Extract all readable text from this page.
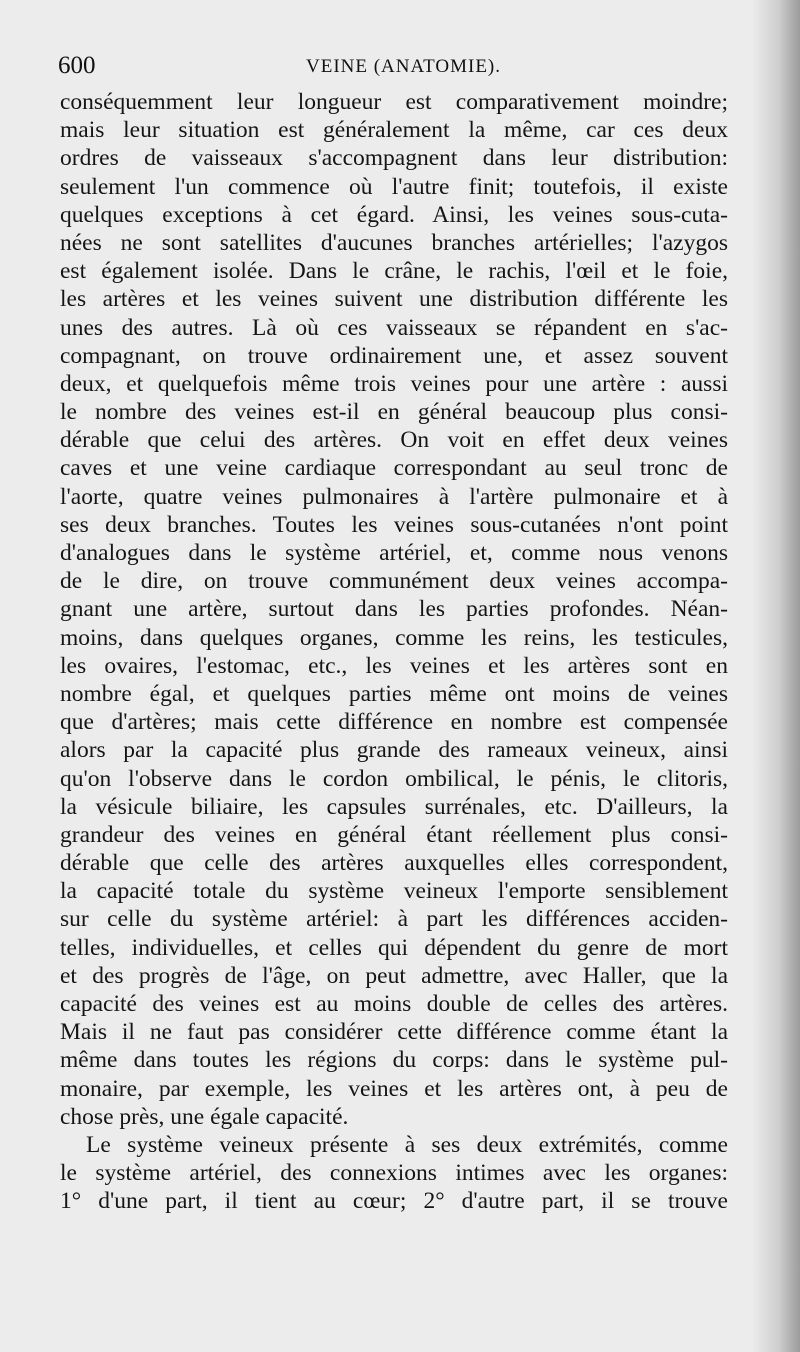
600	VEINE (ANATOMIE).
conséquemment leur longueur est comparativement moindre;
mais leur situation est généralement la même, car ces deux
ordres de vaisseaux s'accompagnent dans leur distribution:
seulement l'un commence où l'autre finit; toutefois, il existe
quelques exceptions à cet égard. Ainsi, les veines sous-cuta-
nées ne sont satellites d'aucunes branches artérielles; l'azygos
est également isolée. Dans le crâne, le rachis, l'œil et le foie,
les artères et les veines suivent une distribution différente les
unes des autres. Là où ces vaisseaux se répandent en s'ac-
compagnant, on trouve ordinairement une, et assez souvent
deux, et quelquefois même trois veines pour une artère : aussi
le nombre des veines est-il en général beaucoup plus consi-
dérable que celui des artères. On voit en effet deux veines
caves et une veine cardiaque correspondant au seul tronc de
l'aorte, quatre veines pulmonaires à l'artère pulmonaire et à
ses deux branches. Toutes les veines sous-cutanées n'ont point
d'analogues dans le système artériel, et, comme nous venons
de le dire, on trouve communément deux veines accompa-
gnant une artère, surtout dans les parties profondes. Néan-
moins, dans quelques organes, comme les reins, les testicules,
les ovaires, l'estomac, etc., les veines et les artères sont en
nombre égal, et quelques parties même ont moins de veines
que d'artères; mais cette différence en nombre est compensée
alors par la capacité plus grande des rameaux veineux, ainsi
qu'on l'observe dans le cordon ombilical, le pénis, le clitoris,
la vésicule biliaire, les capsules surrénales, etc. D'ailleurs, la
grandeur des veines en général étant réellement plus consi-
dérable que celle des artères auxquelles elles correspondent,
la capacité totale du système veineux l'emporte sensiblement
sur celle du système artériel: à part les différences acciden-
telles, individuelles, et celles qui dépendent du genre de mort
et des progrès de l'âge, on peut admettre, avec Haller, que la
capacité des veines est au moins double de celles des artères.
Mais il ne faut pas considérer cette différence comme étant la
même dans toutes les régions du corps: dans le système pul-
monaire, par exemple, les veines et les artères ont, à peu de
chose près, une égale capacité.
Le système veineux présente à ses deux extrémités, comme
le système artériel, des connexions intimes avec les organes:
1° d'une part, il tient au cœur; 2° d'autre part, il se trouve
